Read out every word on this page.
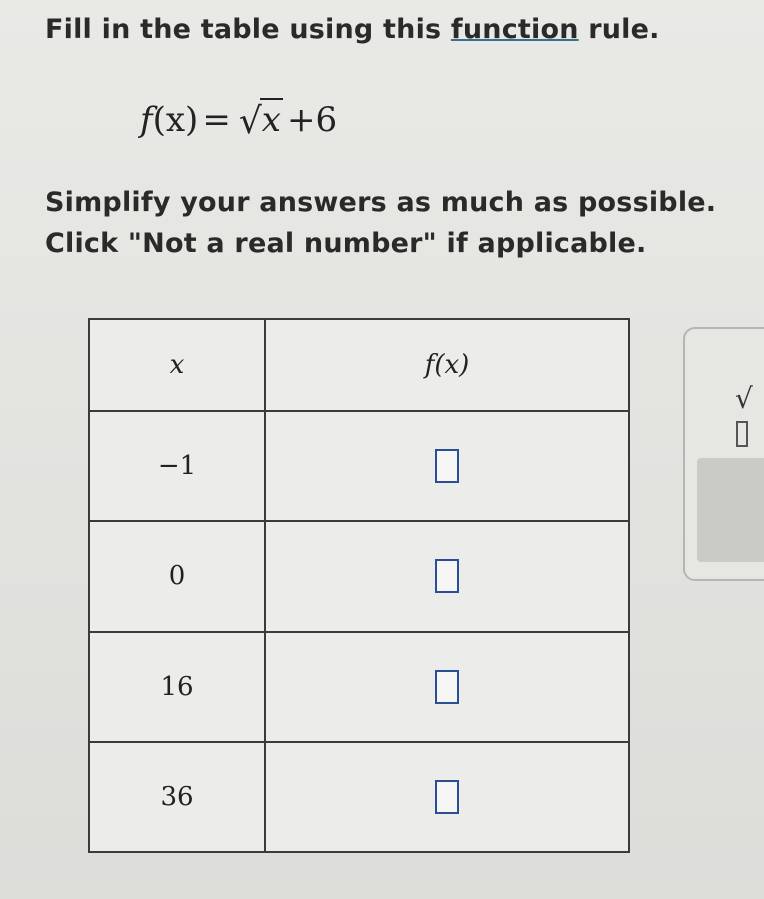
Fill in the table using this function rule.
f (x) = √ x +6
Simplify your answers as much as possible.
Click "Not a real number" if applicable.
x	f(x)
−1	
0	
16	
36	
√
